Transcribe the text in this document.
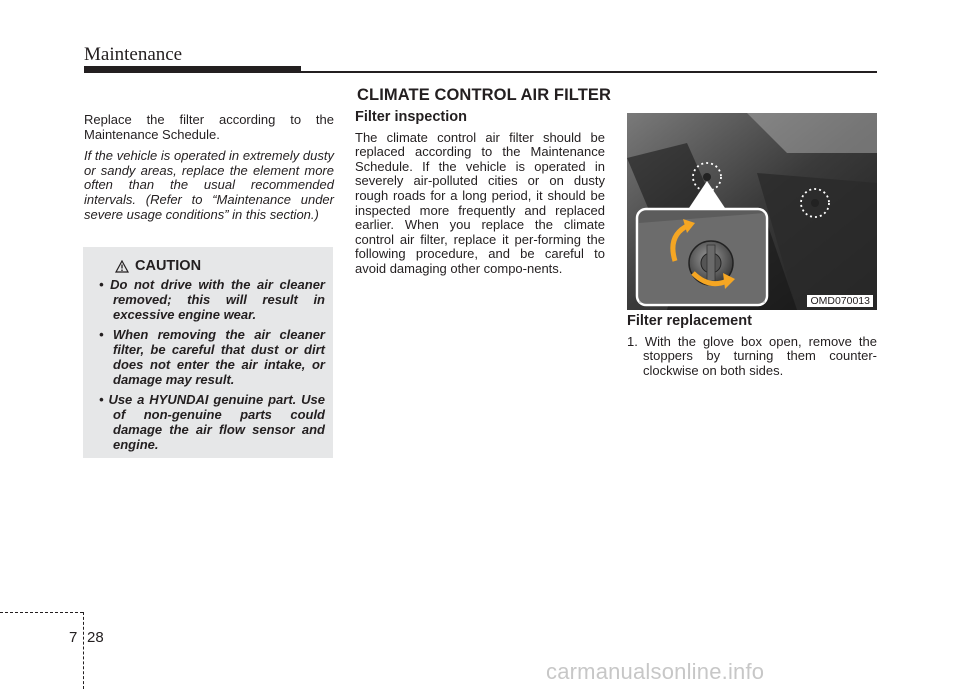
Maintenance
CLIMATE CONTROL AIR FILTER

Replace the filter according to the Maintenance Schedule.

If the vehicle is operated in extremely dusty or sandy areas, replace the element more often than the usual recommended intervals. (Refer to “Maintenance under severe usage conditions” in this section.)

CAUTION
• Do not drive with the air cleaner removed; this will result in excessive engine wear.
• When removing the air cleaner filter, be careful that dust or dirt does not enter the air intake, or damage may result.
• Use a HYUNDAI genuine part. Use of non-genuine parts could damage the air flow sensor and engine.
Filter inspection

The climate control air filter should be replaced according to the Maintenance Schedule. If the vehicle is operated in severely air-polluted cities or on dusty rough roads for a long period, it should be inspected more frequently and replaced earlier. When you replace the climate control air filter, replace it per-forming the following procedure, and be careful to avoid damaging other compo-nents.

OMD070013
Filter replacement

1. With the glove box open, remove the stoppers by turning them counter-clockwise on both sides.

7 28
carmanualsonline.info
